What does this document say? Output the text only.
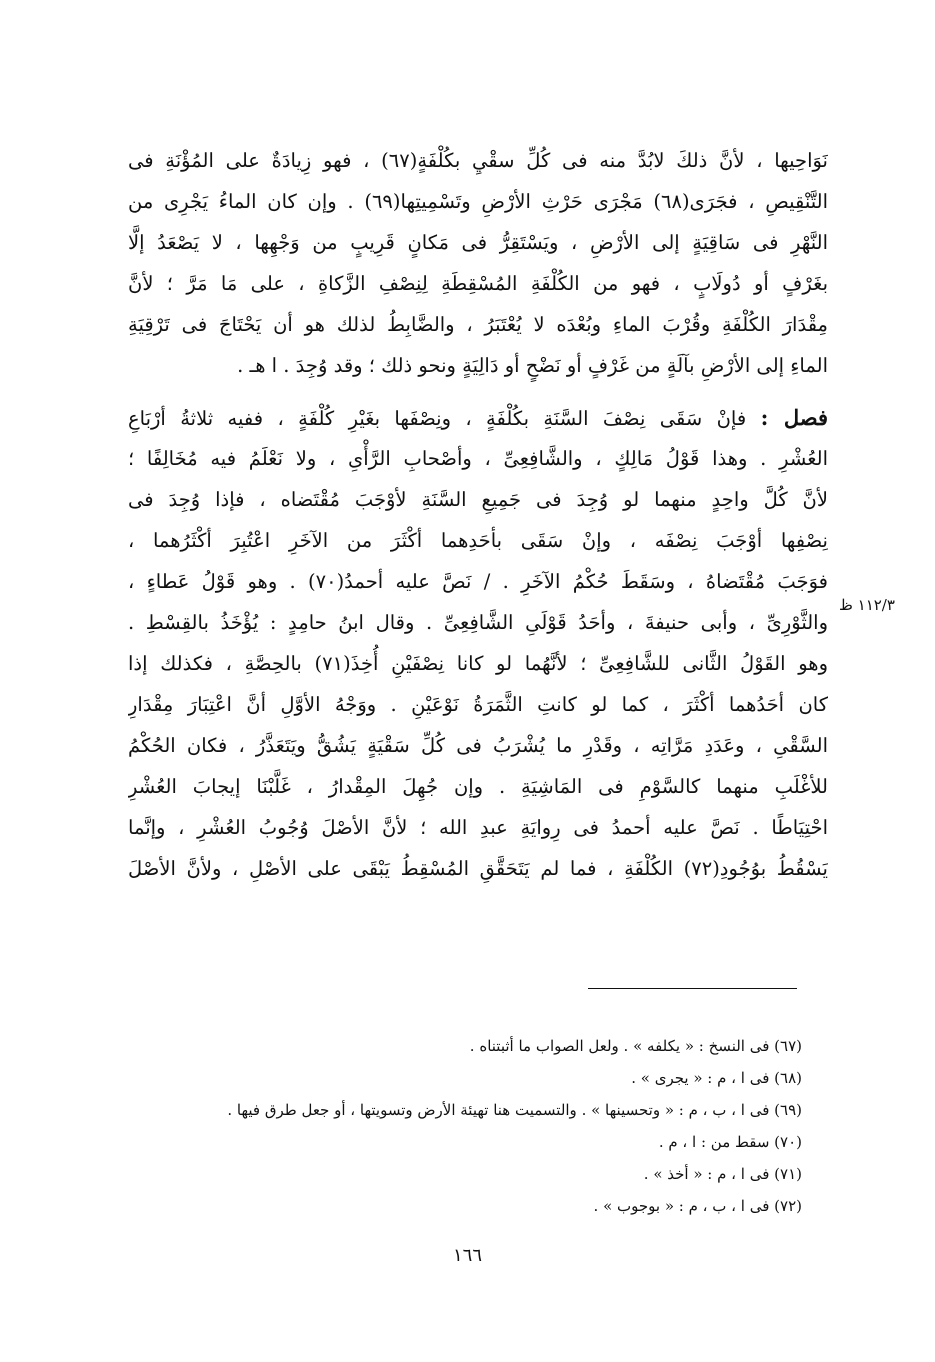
نَوَاحِيها ، لأنَّ ذلكَ لابُدَّ منه فى كُلِّ سقْيِ بكُلْفَةٍ(٦٧) ، فهو زِيادَةٌ على المُؤْنَةِ فى
التَّنْقِيصِ ، فجَرَى(٦٨) مَجْرَى حَرْثِ الأرْضِ وتَسْمِيتِها(٦٩) . وإن كان الماءُ يَجْرِى من
النَّهْرِ فى سَاقِيَةٍ إلى الأرْضِ ، ويَسْتَقِرُّ فى مَكانٍ قَرِيبٍ من وَجْهِها ، لا يَصْعَدُ إلَّا
بغَرْفٍ أو دُولَابٍ ، فهو من الكُلْفَةِ المُسْقِطَةِ لِنِصْفِ الزَّكاةِ ، على مَا مَرَّ ؛ لأنَّ
مِقْدَارَ الكُلْفَةِ وقُرْبَ الماءِ وبُعْدَه لا يُعْتَبَرُ ، والضَّابِطُ لذلك هو أن يَحْتَاجَ فى تَرْقِيَةِ
الماءِ إلى الأرْضِ بآلَةٍ من غَرْفٍ أو نَضْحٍ أو دَالِيَةٍ ونحو ذلك ؛ وقد وُجِدَ . ا هـ .
فصل : فإنْ سَقَى نِصْفَ السَّنَةِ بكُلْفَةٍ ، ونِصْفَها بغَيْرِ كُلْفَةٍ ، ففيه ثلاثةُ أرْبَاعِ
العُشْرِ . وهذا قَوْلُ مَالِكٍ ، والشَّافِعِىِّ ، وأصْحابِ الرَّأْىِ ، ولا نَعْلَمُ فيه مُخَالِفًا ؛
لأنَّ كُلَّ واحِدٍ منهما لو وُجِدَ فى جَمِيعِ السَّنَةِ لأوْجَبَ مُقْتَضاه ، فإذا وُجِدَ فى
نِصْفِها أوْجَبَ نِصْفَه ، وإنْ سَقَى بأحَدِهما أكْثَرَ من الآخَرِ اعْتُبِرَ أكْثَرُهما ،
فوَجَبَ مُقْتَضاهُ ، وسَقَطَ حُكْمُ الآخَرِ . / نَصَّ عليه أحمدُ(٧٠) . وهو قَوْلُ عَطاءٍ ،
والثَّوْرِىِّ ، وأبى حنيفةَ ، وأحَدُ قَوْلَىِ الشَّافِعِىِّ . وقال ابنُ حامِدٍ : يُؤْخَذُ بالقِسْطِ .
وهو القَوْلُ الثَّانى للشَّافِعِىِّ ؛ لأنَّهُما لو كانا نِصْفَيْنِ أُخِذَ(٧١) بالحِصَّةِ ، فكذلك إذا
كان أحَدُهما أكْثَرَ ، كما لو كانتِ الثَّمَرَةُ نَوْعَيْنِ . ووَجْهُ الأوَّلِ أنَّ اعْتِبَارَ مِقْدَارِ
السَّقْىِ ، وعَدَدِ مَرَّاتِه ، وقَدْرِ ما يُشْرَبُ فى كُلِّ سَقْيَةٍ يَشُقُّ ويَتَعَذَّرُ ، فكان الحُكْمُ
للأغْلَبِ منهما كالسَّوْمِ فى المَاشِيَةِ . وإن جُهِلَ المِقْدارُ ، غَلَّبْنَا إيجابَ العُشْرِ
احْتِيَاطًا . نَصَّ عليه أحمدُ فى رِوايَةِ عبدِ الله ؛ لأنَّ الأصْلَ وُجُوبُ العُشْرِ ، وإنَّما
يَسْقُطُ بوُجُودِ(٧٢) الكُلْفَةِ ، فما لم يَتَحَقَّقِ المُسْقِطُ يَبْقَى على الأصْلِ ، ولأنَّ الأصْلَ
١١٢/٣ ظ
(٦٧) فى النسخ : « يكلفه » . ولعل الصواب ما أثبتناه .
(٦٨) فى ا ، م : « يجرى » .
(٦٩) فى ا ، ب ، م : « وتحسينها » . والتسميت هنا تهيئة الأرض وتسويتها ، أو جعل طرق فيها .
(٧٠) سقط من : ا ، م .
(٧١) فى ا ، م : « أخذ » .
(٧٢) فى ا ، ب ، م : « بوجوب » .
١٦٦
